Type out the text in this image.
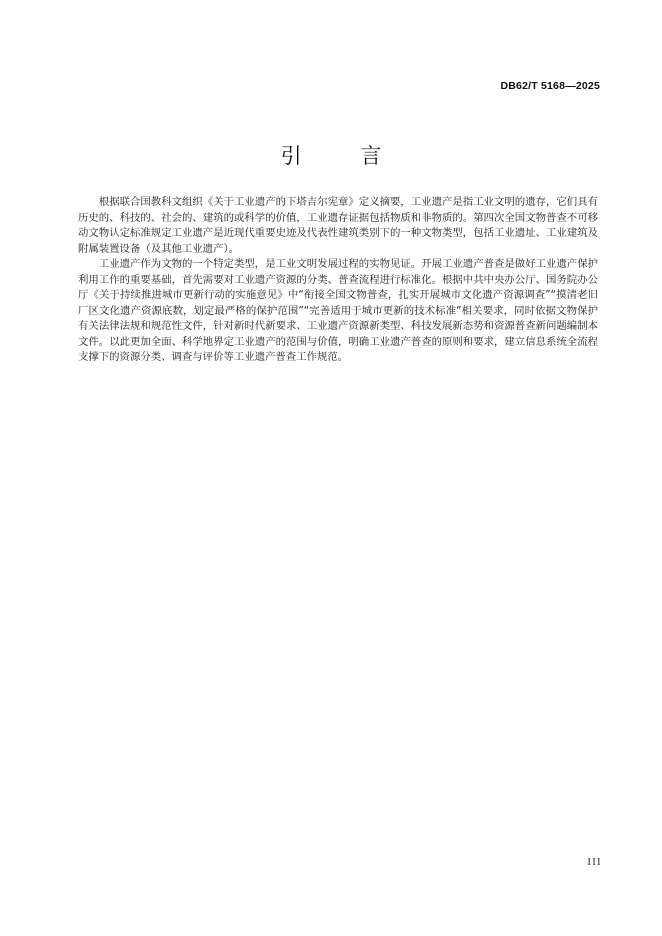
DB62/T 5168—2025
引 言

根据联合国教科文组织《关于工业遗产的下塔吉尔宪章》定义摘要，工业遗产是指工业文明的遗存，它们具有历史的、科技的、社会的、建筑的或科学的价值，工业遗存证据包括物质和非物质的。第四次全国文物普查不可移动文物认定标准规定工业遗产是近现代重要史迹及代表性建筑类别下的一种文物类型，包括工业遗址、工业建筑及附属装置设备（及其他工业遗产）。

工业遗产作为文物的一个特定类型，是工业文明发展过程的实物见证。开展工业遗产普查是做好工业遗产保护利用工作的重要基础，首先需要对工业遗产资源的分类、普查流程进行标准化。根据中共中央办公厅、国务院办公厅《关于持续推进城市更新行动的实施意见》中“衔接全国文物普查，扎实开展城市文化遗产资源调查”“摸清老旧厂区文化遗产资源底数，划定最严格的保护范围”“完善适用于城市更新的技术标准”相关要求，同时依据文物保护有关法律法规和规范性文件，针对新时代新要求、工业遗产资源新类型、科技发展新态势和资源普查新问题编制本文件。以此更加全面、科学地界定工业遗产的范围与价值，明确工业遗产普查的原则和要求，建立信息系统全流程支撑下的资源分类、调查与评价等工业遗产普查工作规范。

III
